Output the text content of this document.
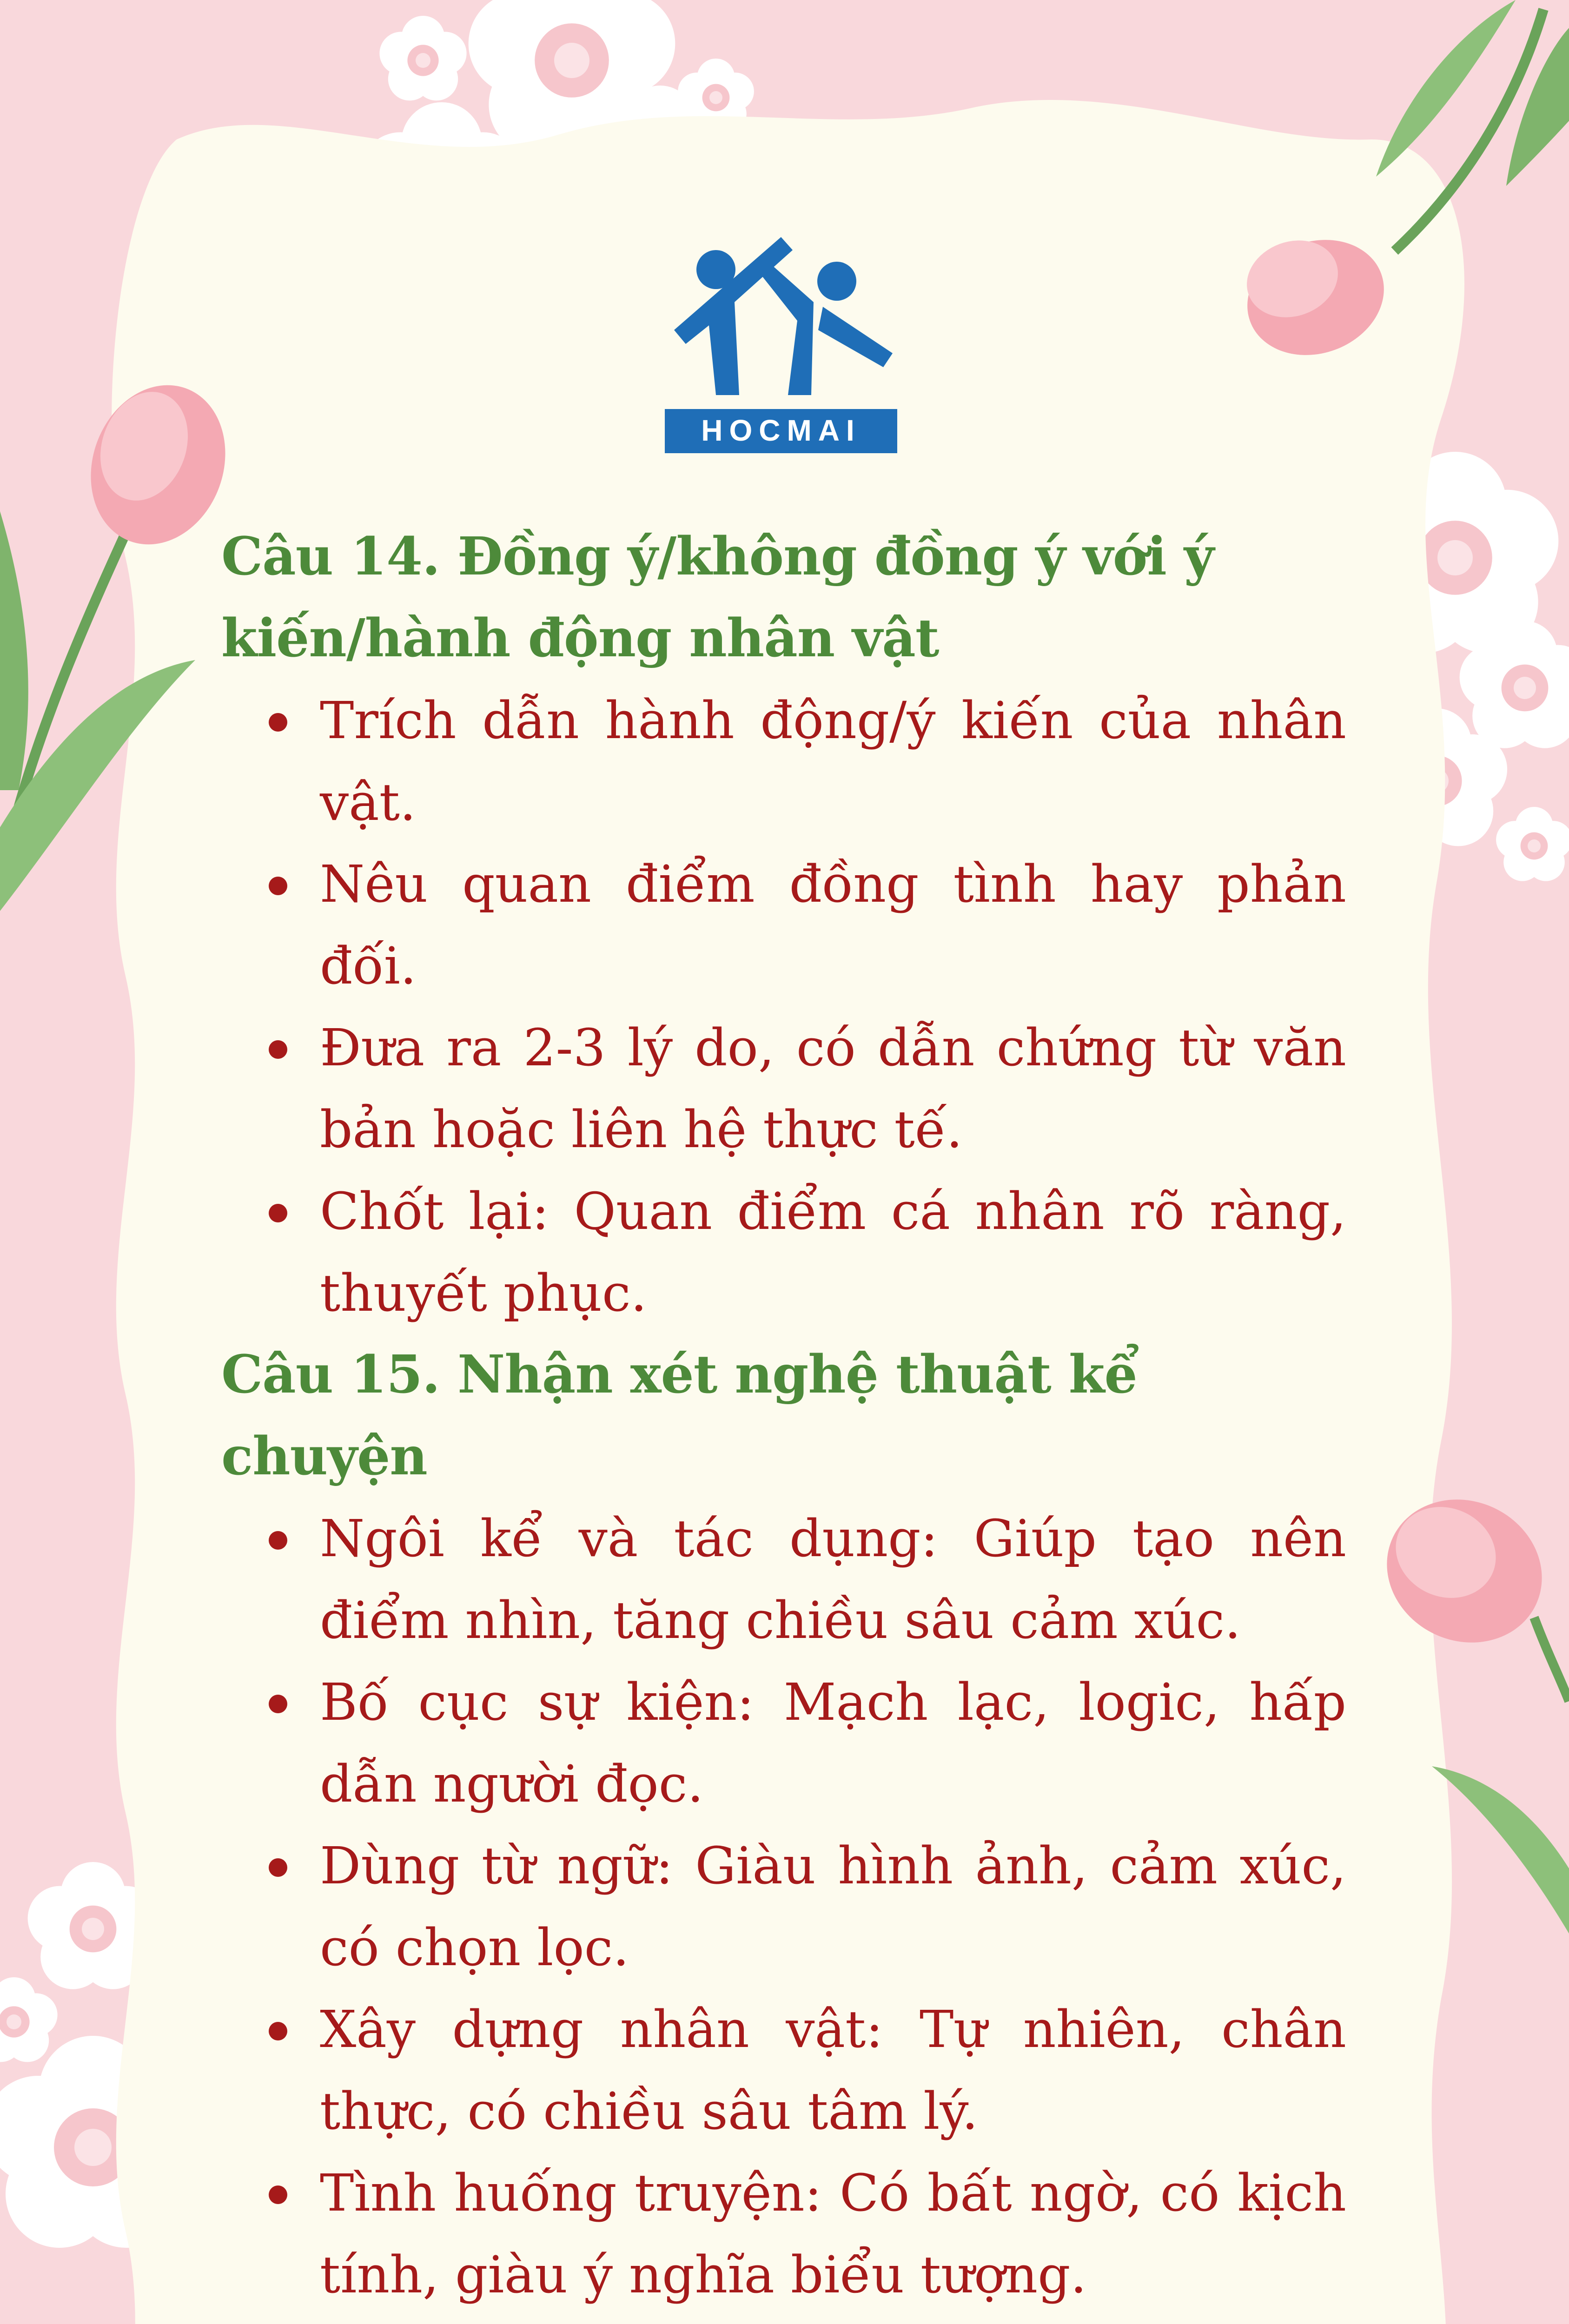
HOCMAI
Câu 14. Đồng ý/không đồng ý với ý kiến/hành động nhân vật
Trích dẫn hành động/ý kiến của nhân vật.
Nêu quan điểm đồng tình hay phản đối.
Đưa ra 2-3 lý do, có dẫn chứng từ văn bản hoặc liên hệ thực tế.
Chốt lại: Quan điểm cá nhân rõ ràng, thuyết phục.
Câu 15. Nhận xét nghệ thuật kể chuyện
Ngôi kể và tác dụng: Giúp tạo nên điểm nhìn, tăng chiều sâu cảm xúc.
Bố cục sự kiện: Mạch lạc, logic, hấp dẫn người đọc.
Dùng từ ngữ: Giàu hình ảnh, cảm xúc, có chọn lọc.
Xây dựng nhân vật: Tự nhiên, chân thực, có chiều sâu tâm lý.
Tình huống truyện: Có bất ngờ, có kịch tính, giàu ý nghĩa biểu tượng.
